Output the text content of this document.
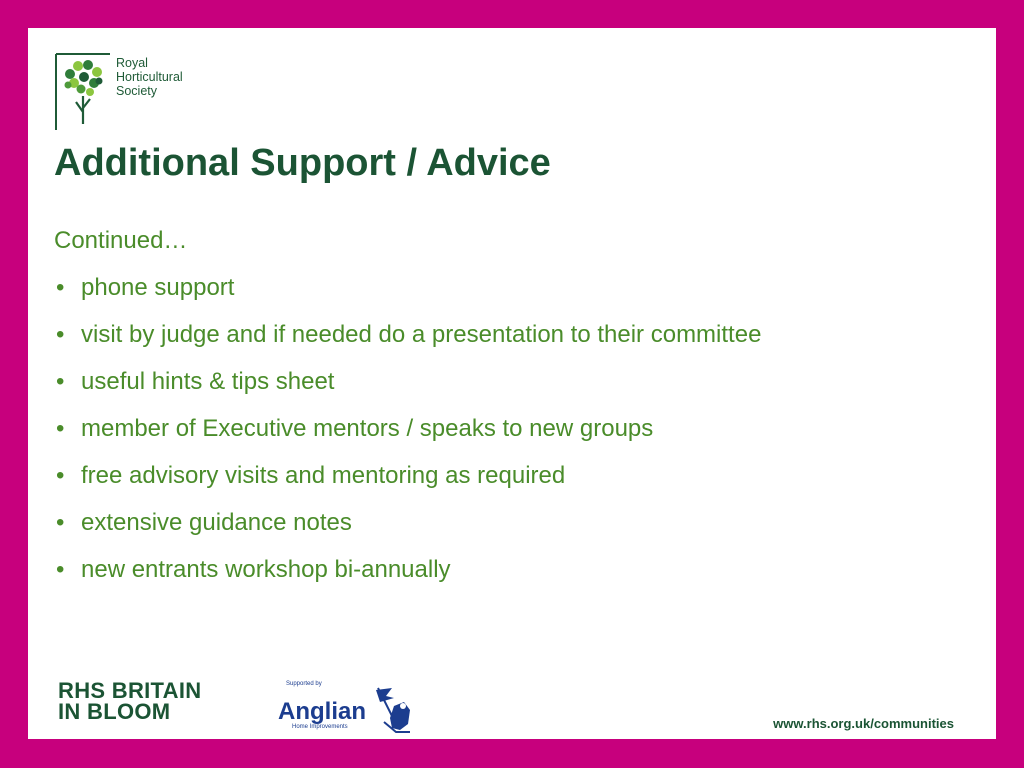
Royal
Horticultural
Society
Additional Support / Advice
Continued…
• phone support
• visit by judge and if needed do a presentation to their committee
• useful hints & tips sheet
• member of Executive mentors / speaks to new groups
• free advisory visits and mentoring as required
• extensive guidance notes
• new entrants workshop bi-annually
RHS BRITAIN
IN BLOOM
Supported by
Anglian
Home Improvements	www.rhs.org.uk/communities
